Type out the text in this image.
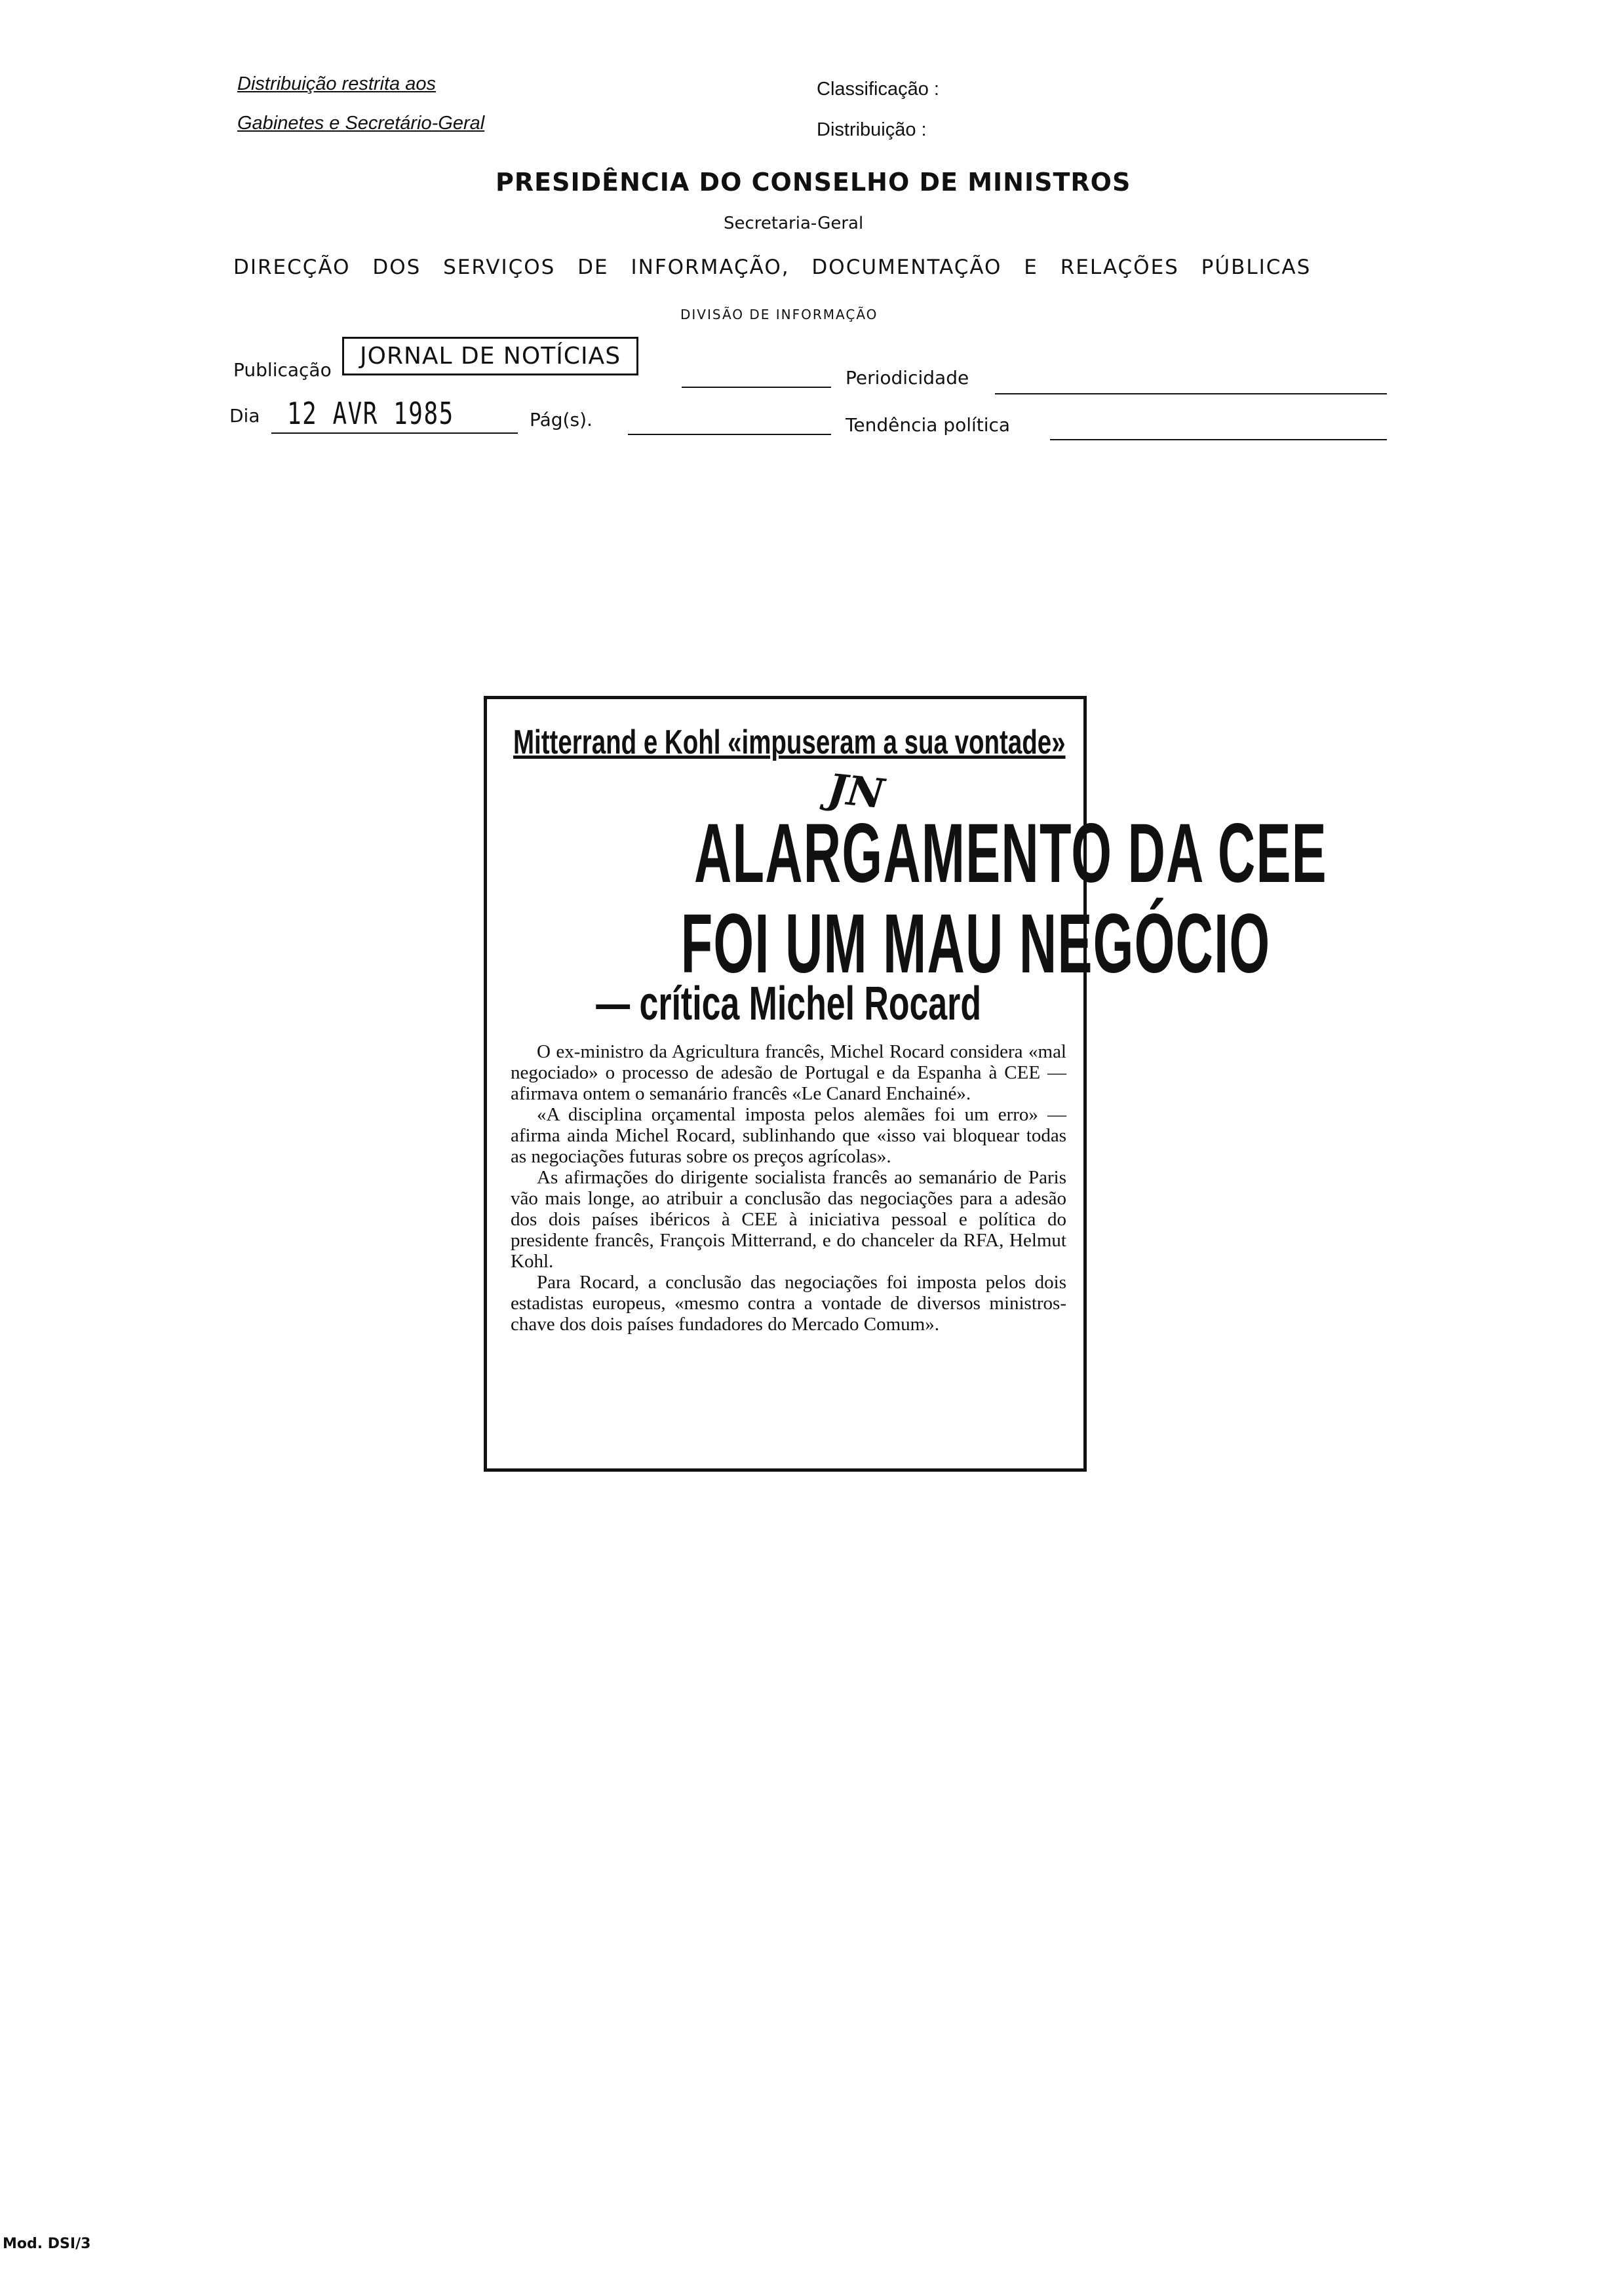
Distribuição restrita aos
Gabinetes e Secretário-Geral
Classificação :
Distribuição :
PRESIDÊNCIA DO CONSELHO DE MINISTROS
Secretaria-Geral
DIRECÇÃO DOS SERVIÇOS DE INFORMAÇÃO, DOCUMENTAÇÃO E RELAÇÕES PÚBLICAS
DIVISÃO DE INFORMAÇÃO
Publicação
JORNAL DE NOTÍCIAS
Periodicidade
Dia 12 AVR 1985	Pág(s).	Tendência política
Mitterrand e Kohl «impuseram a sua vontade»
JN
ALARGAMENTO DA CEE
FOI UM MAU NEGÓCIO
— crítica Michel Rocard

O ex-ministro da Agricultura francês, Michel Rocard considera «mal negociado» o processo de adesão de Portugal e da Espanha à CEE — afirmava ontem o semanário francês «Le Canard Enchainé».

«A disciplina orçamental imposta pelos alemães foi um erro» — afirma ainda Michel Rocard, sublinhando que «isso vai bloquear todas as negociações futuras sobre os preços agrícolas».

As afirmações do dirigente socialista francês ao semanário de Paris vão mais longe, ao atribuir a conclusão das negociações para a adesão dos dois países ibéricos à CEE à iniciativa pessoal e política do presidente francês, François Mitterrand, e do chanceler da RFA, Helmut Kohl.

Para Rocard, a conclusão das negociações foi imposta pelos dois estadistas europeus, «mesmo contra a vontade de diversos ministros-chave dos dois países fundadores do Mercado Comum».

Mod. DSI/3
